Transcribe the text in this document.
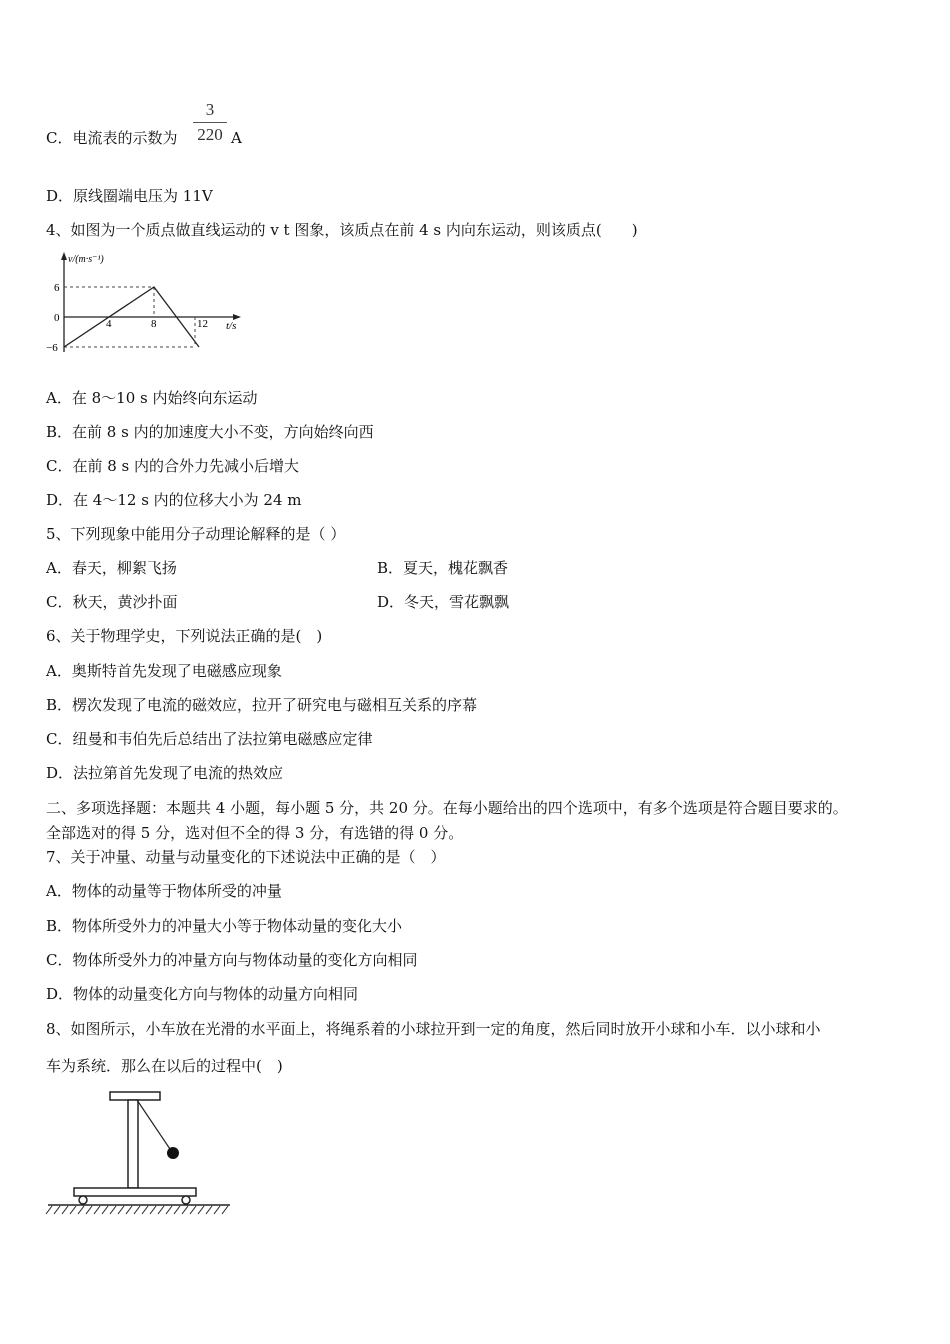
C．电流表的示数为
3
220 A
D．原线圈端电压为 11V
4、如图为一个质点做直线运动的 v t 图象，该质点在前 4 s 内向东运动，则该质点(　　)
v/(m·s⁻¹)
t/s
6
0
−6
4	8	12
A．在 8～10 s 内始终向东运动
B．在前 8 s 内的加速度大小不变，方向始终向西
C．在前 8 s 内的合外力先减小后增大
D．在 4～12 s 内的位移大小为 24 m
5、下列现象中能用分子动理论解释的是（ ）
A．春天，柳絮飞扬	B．夏天，槐花飘香
C．秋天，黄沙扑面	D．冬天，雪花飘飘
6、关于物理学史，下列说法正确的是(　)
A．奥斯特首先发现了电磁感应现象
B．楞次发现了电流的磁效应，拉开了研究电与磁相互关系的序幕
C．纽曼和韦伯先后总结出了法拉第电磁感应定律
D．法拉第首先发现了电流的热效应
二、多项选择题：本题共 4 小题，每小题 5 分，共 20 分。在每小题给出的四个选项中，有多个选项是符合题目要求的。
全部选对的得 5 分，选对但不全的得 3 分，有选错的得 0 分。
7、关于冲量、动量与动量变化的下述说法中正确的是（　）
A．物体的动量等于物体所受的冲量
B．物体所受外力的冲量大小等于物体动量的变化大小
C．物体所受外力的冲量方向与物体动量的变化方向相同
D．物体的动量变化方向与物体的动量方向相同
8、如图所示，小车放在光滑的水平面上，将绳系着的小球拉开到一定的角度，然后同时放开小球和小车．以小球和小
车为系统．那么在以后的过程中(　)
